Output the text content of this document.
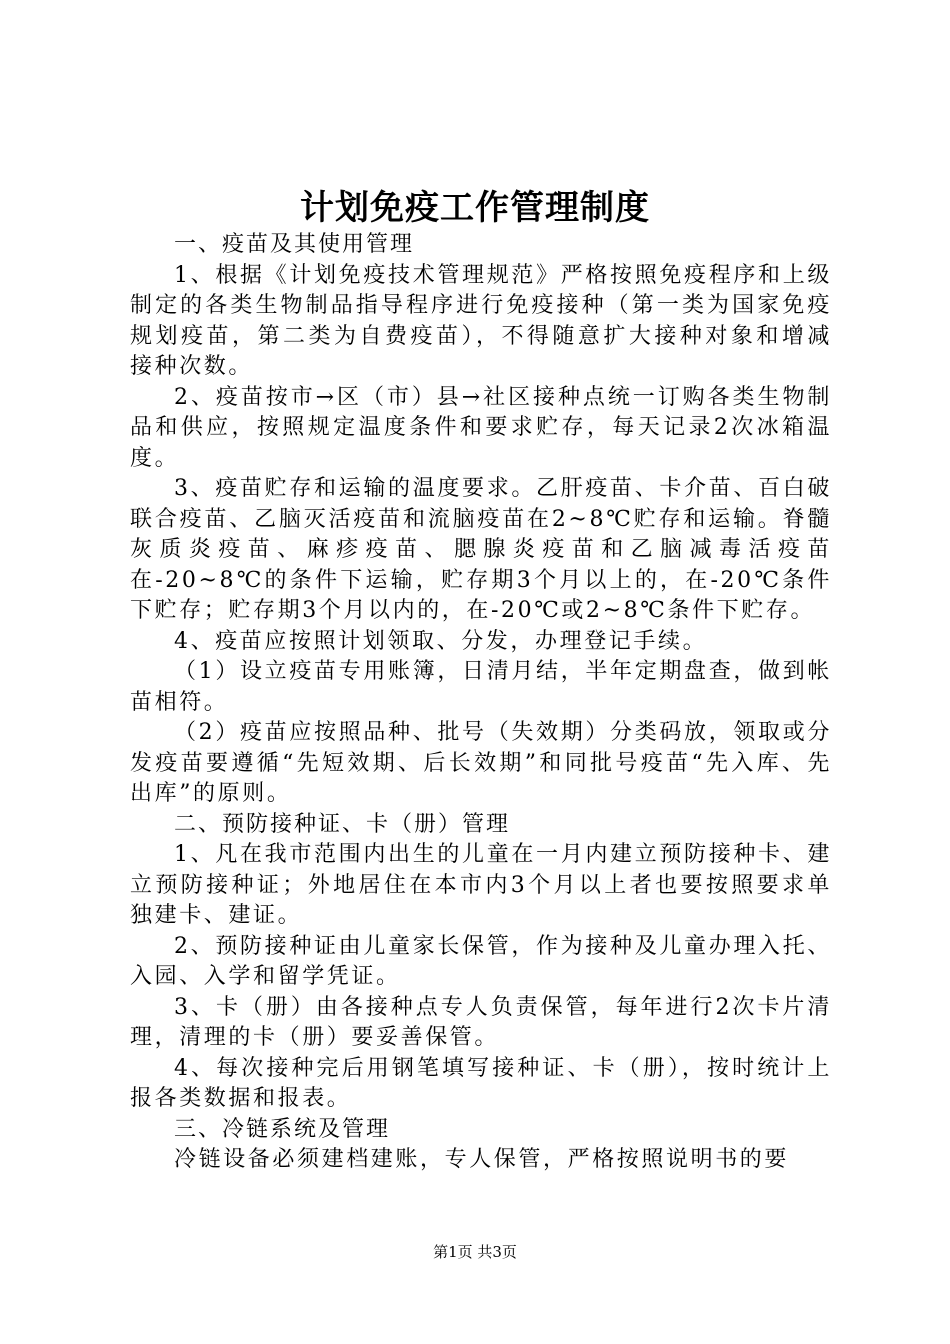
计划免疫工作管理制度

一、疫苗及其使用管理

1、根据《计划免疫技术管理规范》严格按照免疫程序和上级制定的各类生物制品指导程序进行免疫接种（第一类为国家免疫规划疫苗，第二类为自费疫苗），不得随意扩大接种对象和增减接种次数。

2、疫苗按市→区（市）县→社区接种点统一订购各类生物制品和供应，按照规定温度条件和要求贮存，每天记录2次冰箱温度。

3、疫苗贮存和运输的温度要求。乙肝疫苗、卡介苗、百白破联合疫苗、乙脑灭活疫苗和流脑疫苗在2~8℃贮存和运输。脊髓灰质炎疫苗、麻疹疫苗、腮腺炎疫苗和乙脑减毒活疫苗在-20~8℃的条件下运输，贮存期3个月以上的，在-20℃条件下贮存；贮存期3个月以内的，在-20℃或2~8℃条件下贮存。

4、疫苗应按照计划领取、分发，办理登记手续。

（1）设立疫苗专用账簿，日清月结，半年定期盘查，做到帐苗相符。

（2）疫苗应按照品种、批号（失效期）分类码放，领取或分发疫苗要遵循“先短效期、后长效期”和同批号疫苗“先入库、先出库”的原则。

二、预防接种证、卡（册）管理

1、凡在我市范围内出生的儿童在一月内建立预防接种卡、建立预防接种证；外地居住在本市内3个月以上者也要按照要求单独建卡、建证。

2、预防接种证由儿童家长保管，作为接种及儿童办理入托、入园、入学和留学凭证。

3、卡（册）由各接种点专人负责保管，每年进行2次卡片清理，清理的卡（册）要妥善保管。

4、每次接种完后用钢笔填写接种证、卡（册），按时统计上报各类数据和报表。

三、冷链系统及管理

冷链设备必须建档建账，专人保管，严格按照说明书的要

第1页 共3页
